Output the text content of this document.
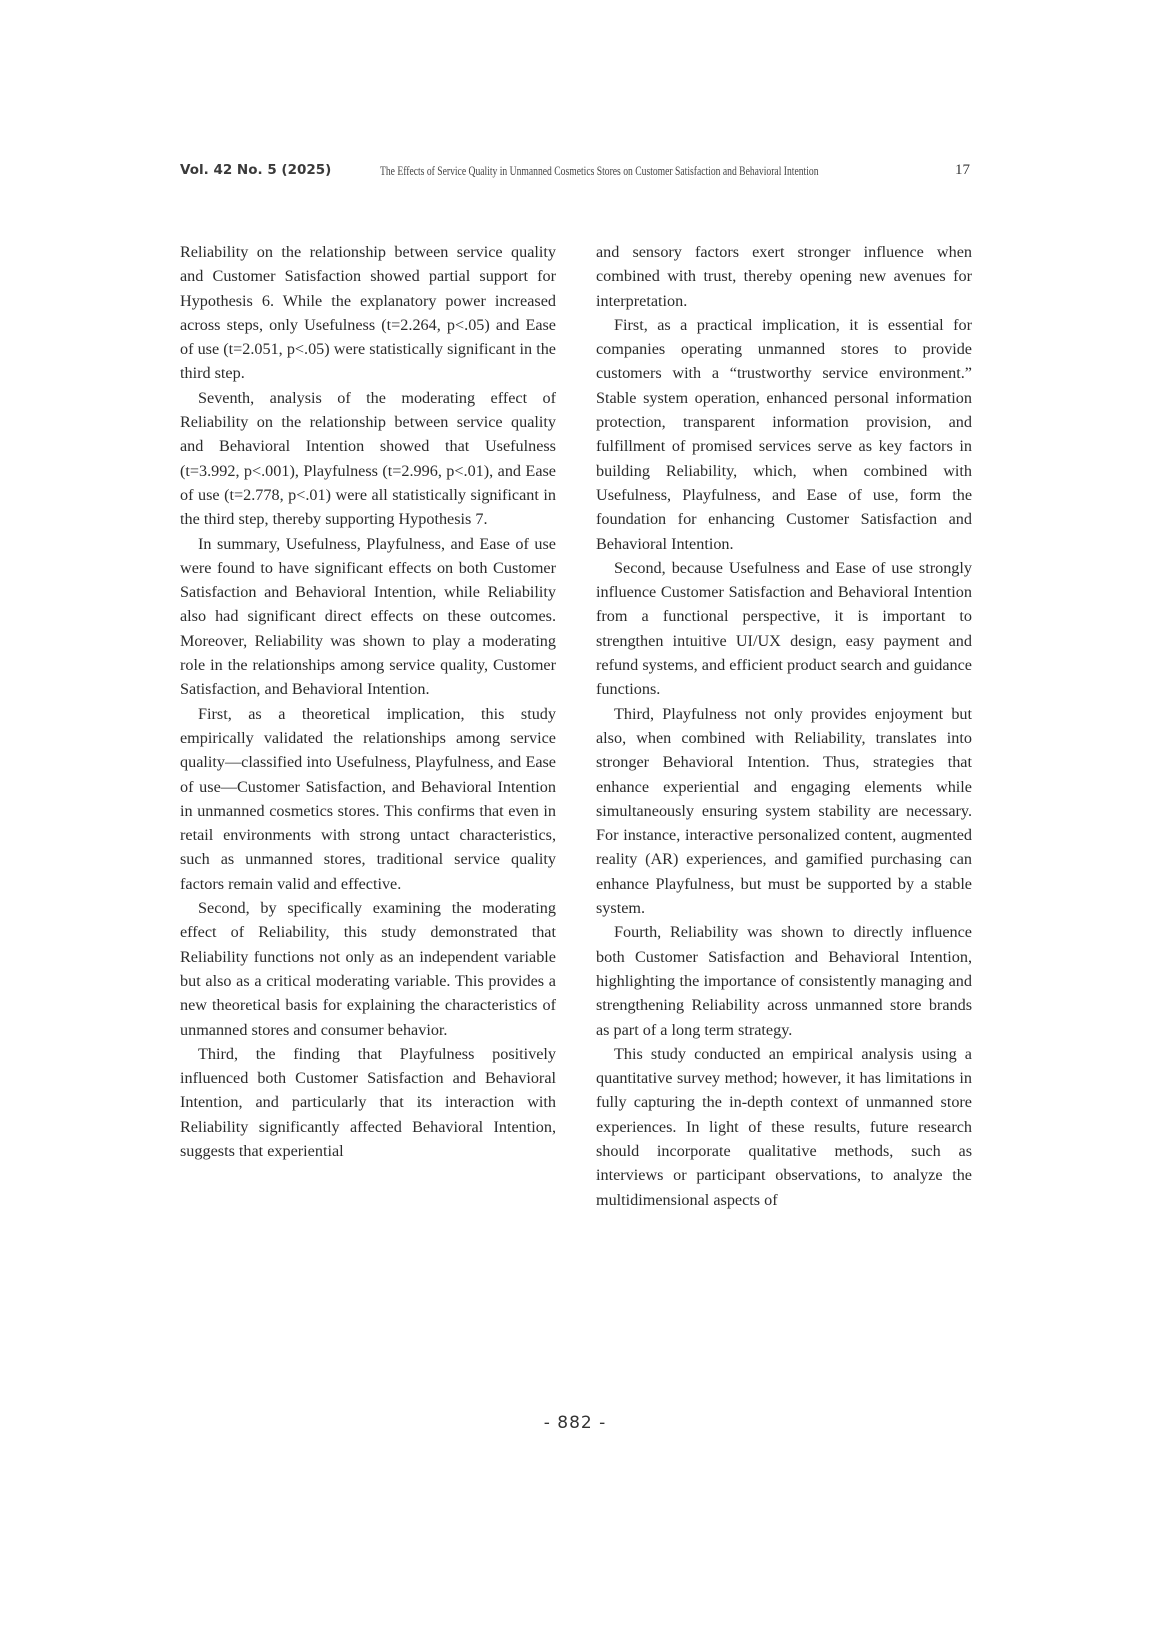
Vol. 42 No. 5 (2025)	The Effects of Service Quality in Unmanned Cosmetics Stores on Customer Satisfaction and Behavioral Intention	17

Reliability on the relationship between service quality and Customer Satisfaction showed partial support for Hypothesis 6. While the explanatory power increased across steps, only Usefulness (t=2.264, p<.05) and Ease of use (t=2.051, p<.05) were statistically significant in the third step.

Seventh, analysis of the moderating effect of Reliability on the relationship between service quality and Behavioral Intention showed that Usefulness (t=3.992, p<.001), Playfulness (t=2.996, p<.01), and Ease of use (t=2.778, p<.01) were all statistically significant in the third step, thereby supporting Hypothesis 7.

In summary, Usefulness, Playfulness, and Ease of use were found to have significant effects on both Customer Satisfaction and Behavioral Intention, while Reliability also had significant direct effects on these outcomes. Moreover, Reliability was shown to play a moderating role in the relationships among service quality, Customer Satisfaction, and Behavioral Intention.

First, as a theoretical implication, this study empirically validated the relationships among service quality—classified into Usefulness, Playfulness, and Ease of use—Customer Satisfaction, and Behavioral Intention in unmanned cosmetics stores. This confirms that even in retail environments with strong untact characteristics, such as unmanned stores, traditional service quality factors remain valid and effective.

Second, by specifically examining the moderating effect of Reliability, this study demonstrated that Reliability functions not only as an independent variable but also as a critical moderating variable. This provides a new theoretical basis for explaining the characteristics of unmanned stores and consumer behavior.

Third, the finding that Playfulness positively influenced both Customer Satisfaction and Behavioral Intention, and particularly that its interaction with Reliability significantly affected Behavioral Intention, suggests that experiential

and sensory factors exert stronger influence when combined with trust, thereby opening new avenues for interpretation.

First, as a practical implication, it is essential for companies operating unmanned stores to provide customers with a “trustworthy service environment.” Stable system operation, enhanced personal information protection, transparent information provision, and fulfillment of promised services serve as key factors in building Reliability, which, when combined with Usefulness, Playfulness, and Ease of use, form the foundation for enhancing Customer Satisfaction and Behavioral Intention.

Second, because Usefulness and Ease of use strongly influence Customer Satisfaction and Behavioral Intention from a functional perspective, it is important to strengthen intuitive UI/UX design, easy payment and refund systems, and efficient product search and guidance functions.

Third, Playfulness not only provides enjoyment but also, when combined with Reliability, translates into stronger Behavioral Intention. Thus, strategies that enhance experiential and engaging elements while simultaneously ensuring system stability are necessary. For instance, interactive personalized content, augmented reality (AR) experiences, and gamified purchasing can enhance Playfulness, but must be supported by a stable system.

Fourth, Reliability was shown to directly influence both Customer Satisfaction and Behavioral Intention, highlighting the importance of consistently managing and strengthening Reliability across unmanned store brands as part of a long term strategy.

This study conducted an empirical analysis using a quantitative survey method; however, it has limitations in fully capturing the in-depth context of unmanned store experiences. In light of these results, future research should incorporate qualitative methods, such as interviews or participant observations, to analyze the multidimensional aspects of

- 882 -
